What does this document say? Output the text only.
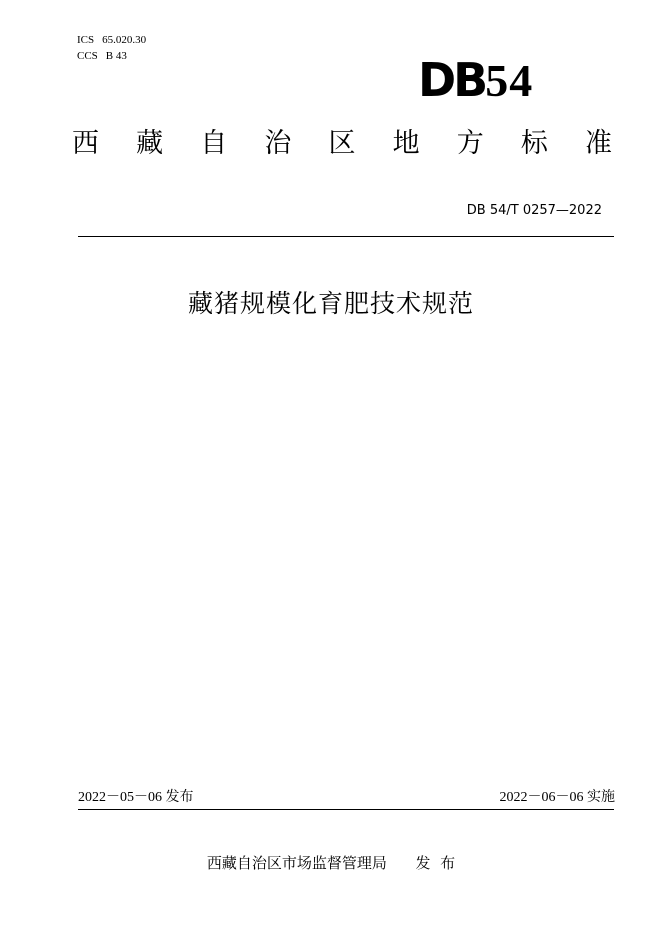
ICS 65.020.30
CCS B 43	DB54
西 藏 自 治 区 地 方 标 准
DB 54/T 0257—2022
藏猪规模化育肥技术规范
2022－05－06 发布	2022－06－06 实施
西藏自治区市场监督管理局 发  布
